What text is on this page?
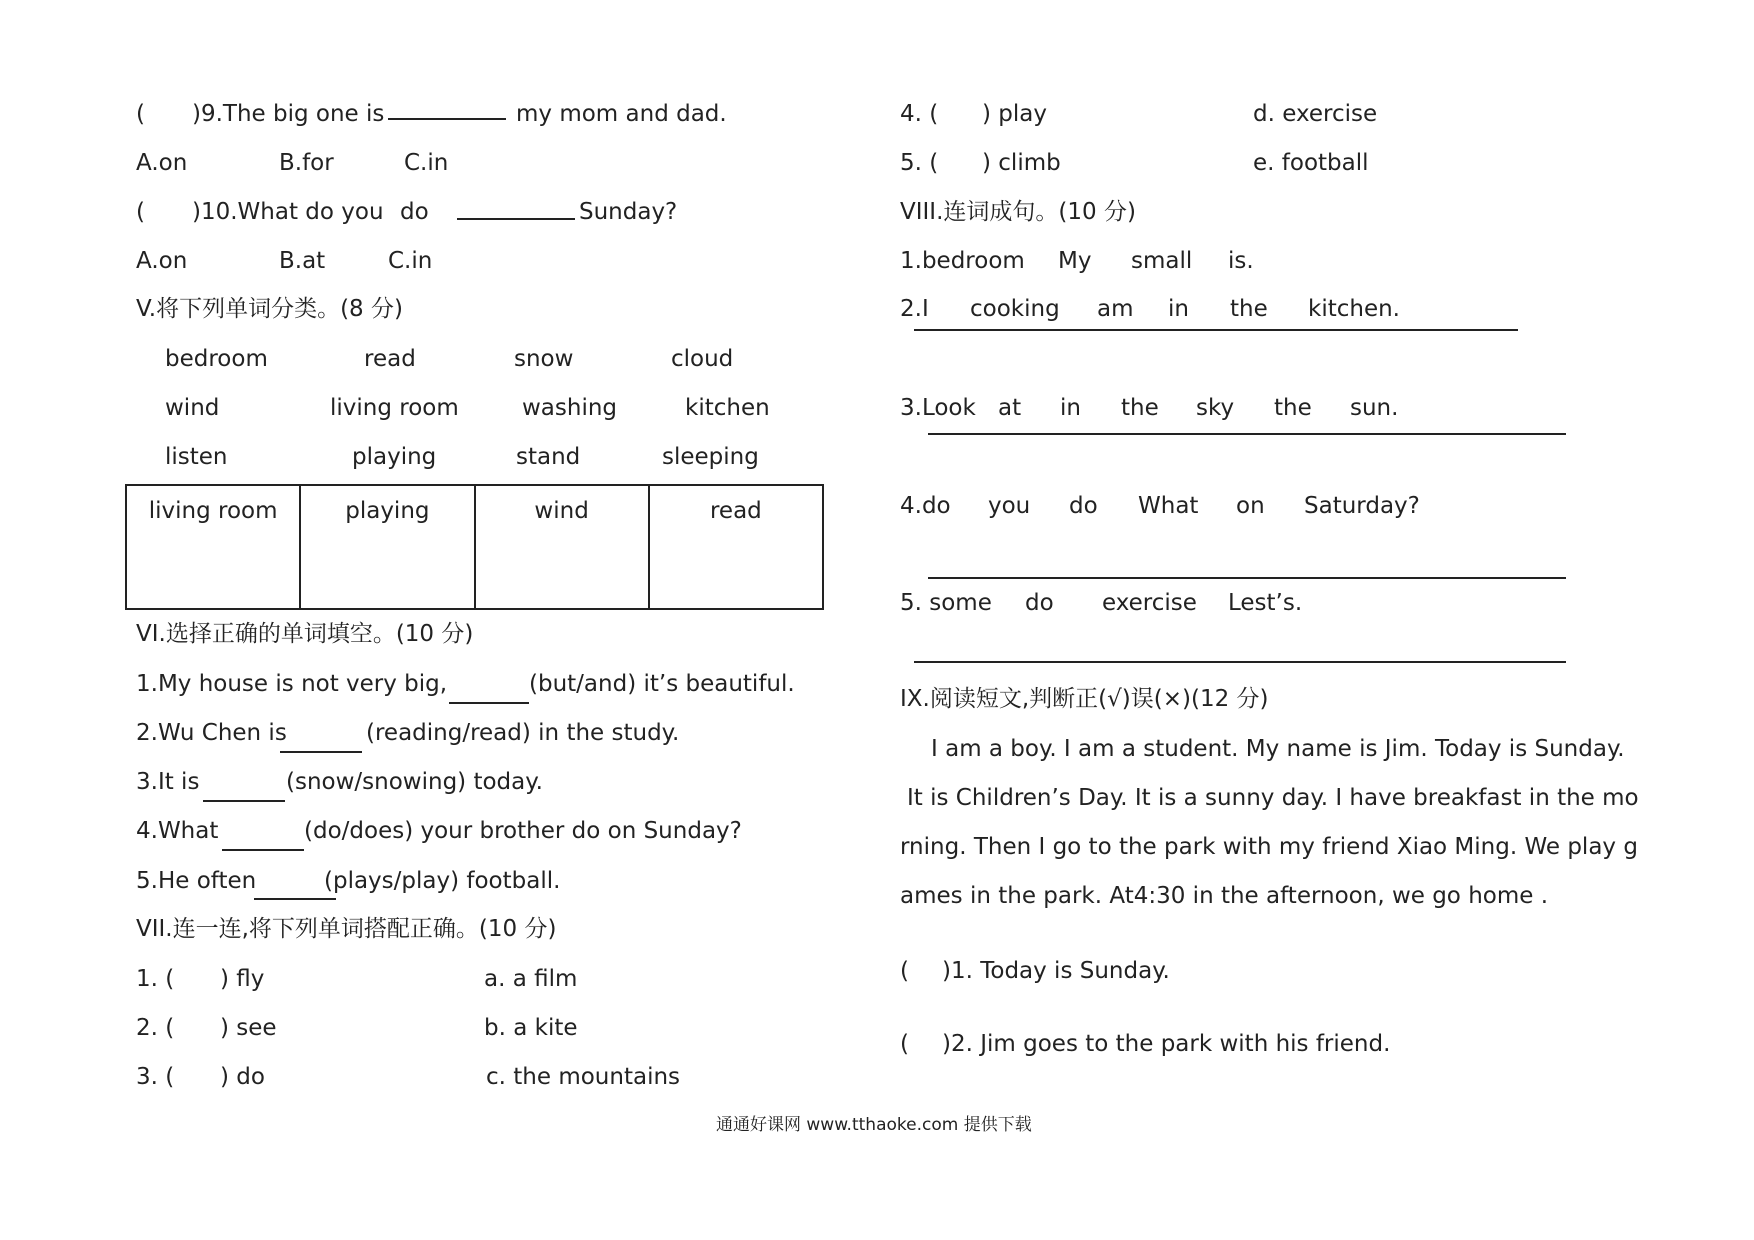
( )9.The big one is	my mom and dad.
A.on	B.for	C.in
( )10.What do you do	Sunday?
A.on	B.at	C.in
V.将下列单词分类。(8 分)
bedroom	read	snow	cloud
wind	living room	washing	kitchen
listen	playing	stand	sleeping
living room	playing	wind	read
VI.选择正确的单词填空。(10 分)
1.My house is not very big,	(but/and) it’s beautiful.
2.Wu Chen is	(reading/read) in the study.
3.It is	(snow/snowing) today.
4.What	(do/does) your brother do on Sunday?
5.He often	(plays/play) football.
VII.连一连,将下列单词搭配正确。(10 分)
1. ( ) fly	a. a film
2. ( ) see	b. a kite
3. ( ) do	c. the mountains
4. ( ) play	d. exercise
5. ( ) climb	e. football
VIII.连词成句。(10 分)
1.bedroom My small is.
2.I cooking am in the kitchen.
3.Look at in the sky the sun.
4.do you do What on Saturday?
5. some do exercise Lest’s.
IX.阅读短文,判断正(√)误(×)(12 分)
I am a boy. I am a student. My name is Jim. Today is Sunday.
It is Children’s Day. It is a sunny day. I have breakfast in the mo
rning. Then I go to the park with my friend Xiao Ming. We play g
ames in the park. At4:30 in the afternoon, we go home .
( )1. Today is Sunday.
( )2. Jim goes to the park with his friend.
通通好课网 www.tthaoke.com 提供下载
